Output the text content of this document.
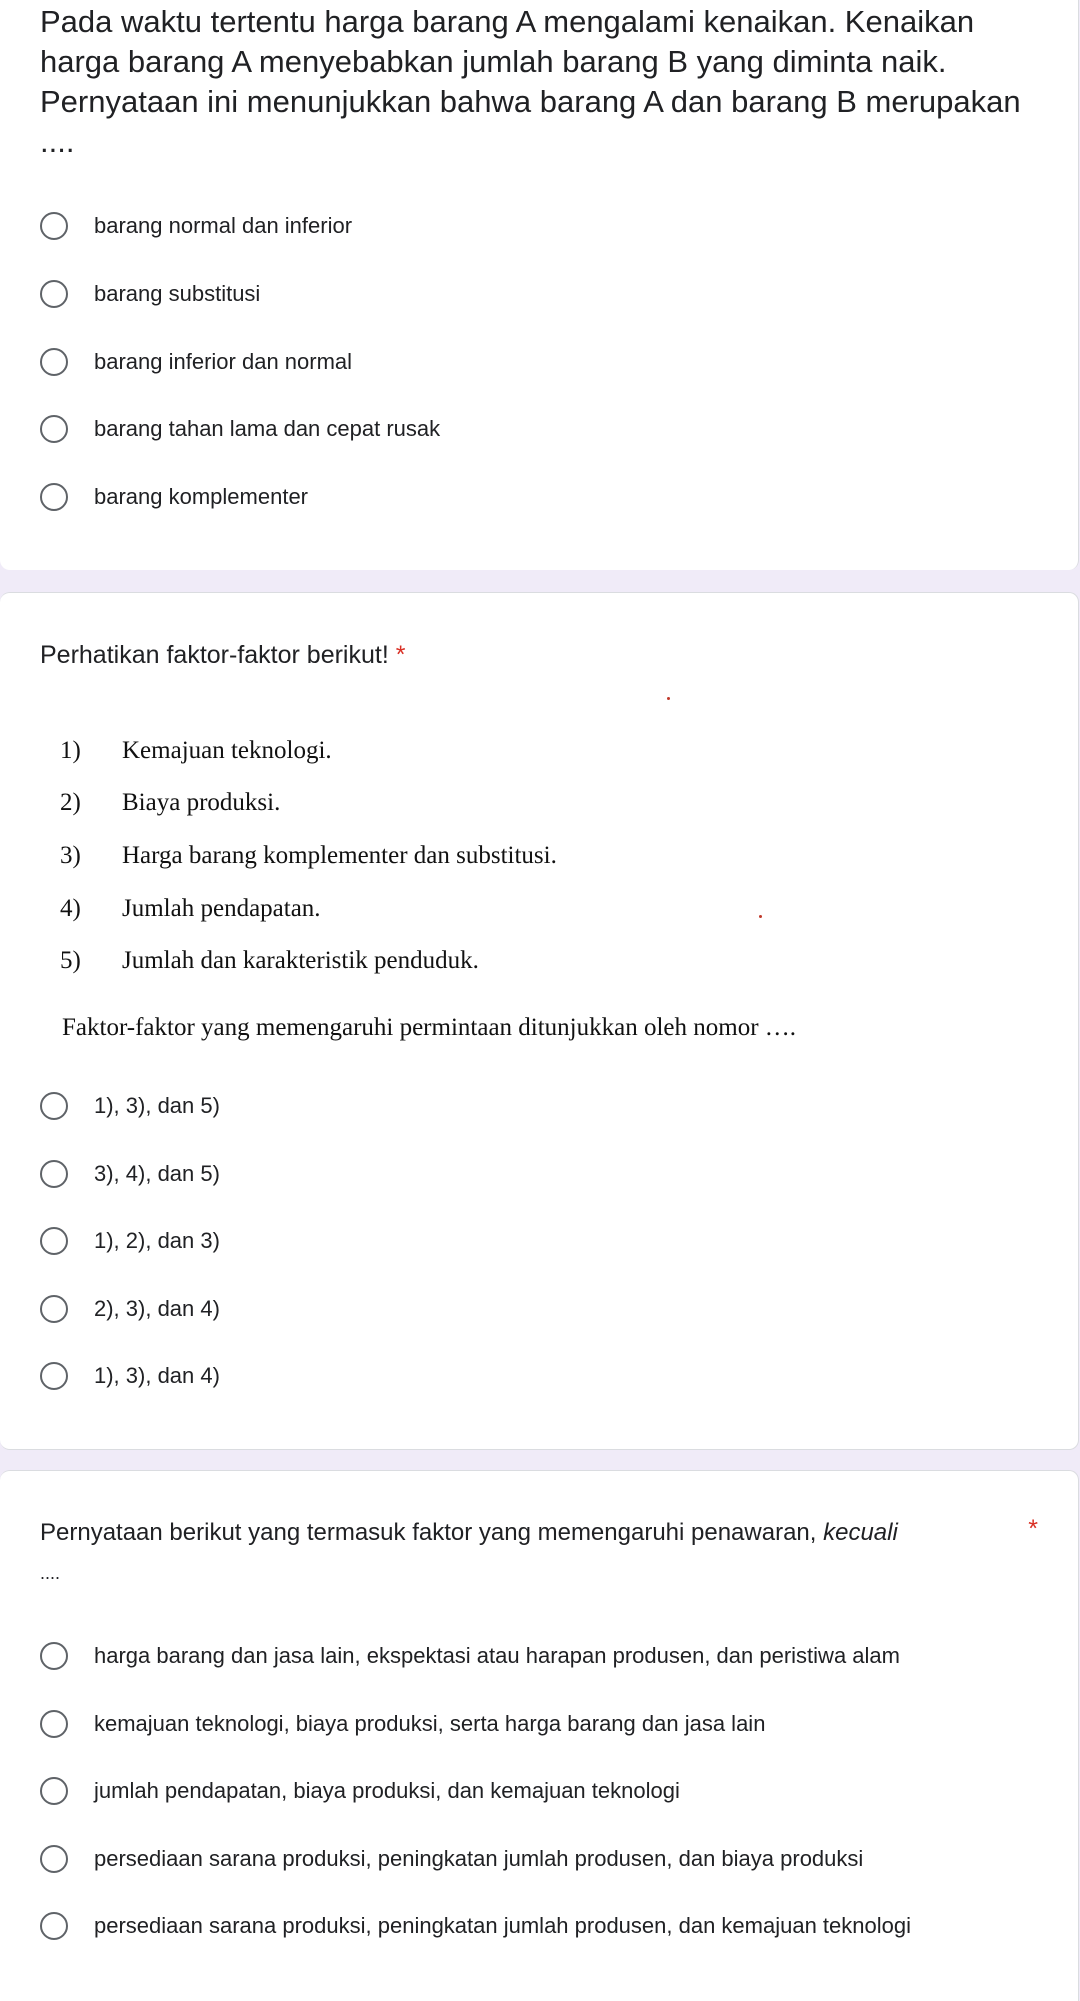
Pada waktu tertentu harga barang A mengalami kenaikan. Kenaikan harga barang A menyebabkan jumlah barang B yang diminta naik. Pernyataan ini menunjukkan bahwa barang A dan barang B merupakan ....
barang normal dan inferior
barang substitusi
barang inferior dan normal
barang tahan lama dan cepat rusak
barang komplementer
Perhatikan faktor-faktor berikut! *
1)	Kemajuan teknologi.
2)	Biaya produksi.
3)	Harga barang komplementer dan substitusi.
4)	Jumlah pendapatan.
5)	Jumlah dan karakteristik penduduk.
Faktor-faktor yang memengaruhi permintaan ditunjukkan oleh nomor ….
1), 3), dan 5)
3), 4), dan 5)
1), 2), dan 3)
2), 3), dan 4)
1), 3), dan 4)
Pernyataan berikut yang termasuk faktor yang memengaruhi penawaran, kecuali	*
....
harga barang dan jasa lain, ekspektasi atau harapan produsen, dan peristiwa alam
kemajuan teknologi, biaya produksi, serta harga barang dan jasa lain
jumlah pendapatan, biaya produksi, dan kemajuan teknologi
persediaan sarana produksi, peningkatan jumlah produsen, dan biaya produksi
persediaan sarana produksi, peningkatan jumlah produsen, dan kemajuan teknologi
